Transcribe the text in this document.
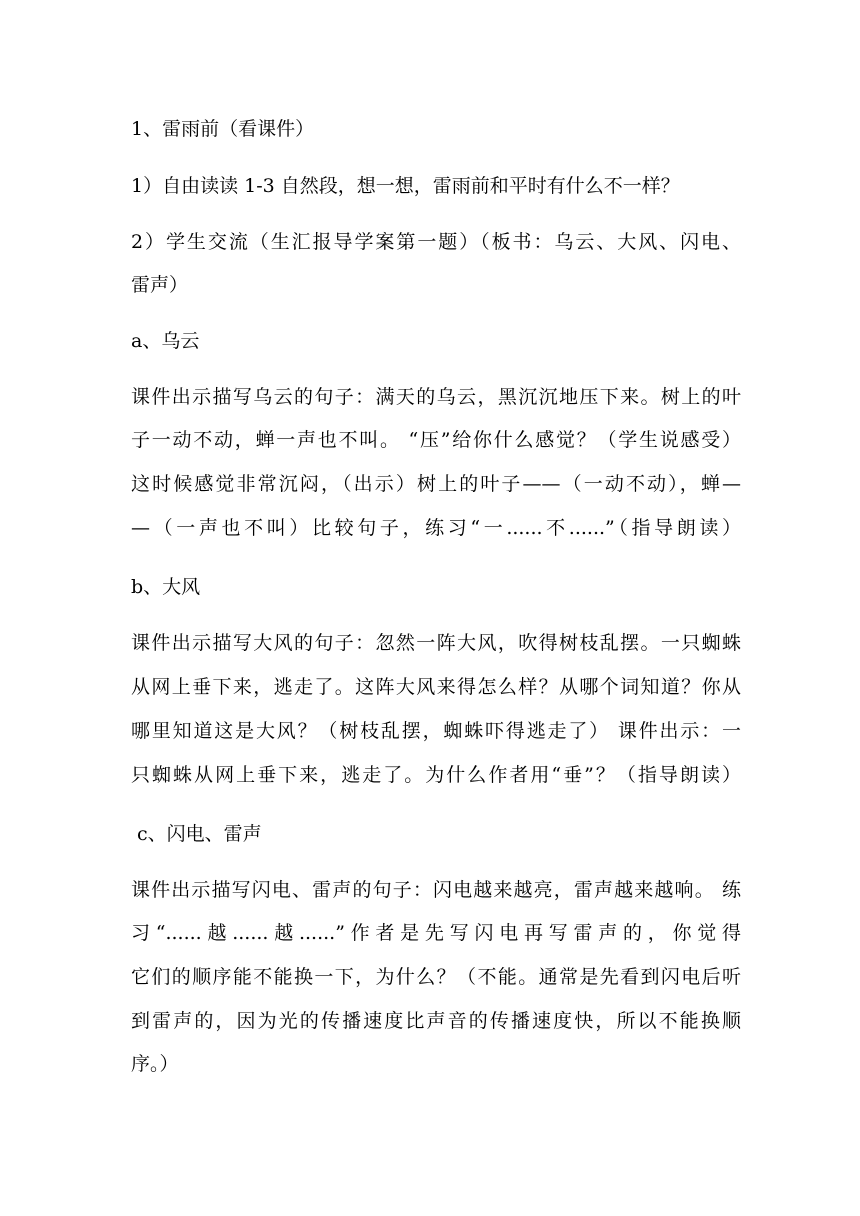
1、雷雨前（看课件）
1）自由读读 1-3 自然段，想一想，雷雨前和平时有什么不一样？
2）学生交流（生汇报导学案第一题）（板书：乌云、大风、闪电、
雷声）
a、乌云
课件出示描写乌云的句子：满天的乌云，黑沉沉地压下来。树上的叶
子一动不动，蝉一声也不叫。 “压”给你什么感觉？（学生说感受）
这时候感觉非常沉闷，（出示）树上的叶子——（一动不动），蝉—
—（一声也不叫）比较句子，练习“一......不......”（指导朗读）
b、大风
课件出示描写大风的句子：忽然一阵大风，吹得树枝乱摆。一只蜘蛛
从网上垂下来，逃走了。这阵大风来得怎么样？从哪个词知道？你从
哪里知道这是大风？（树枝乱摆，蜘蛛吓得逃走了） 课件出示：一
只蜘蛛从网上垂下来，逃走了。为什么作者用“垂”？（指导朗读）
c、闪电、雷声
课件出示描写闪电、雷声的句子：闪电越来越亮，雷声越来越响。 练
习“......越......越......”作者是先写闪电再写雷声的，你觉得
它们的顺序能不能换一下，为什么？（不能。通常是先看到闪电后听
到雷声的，因为光的传播速度比声音的传播速度快，所以不能换顺
序。）
